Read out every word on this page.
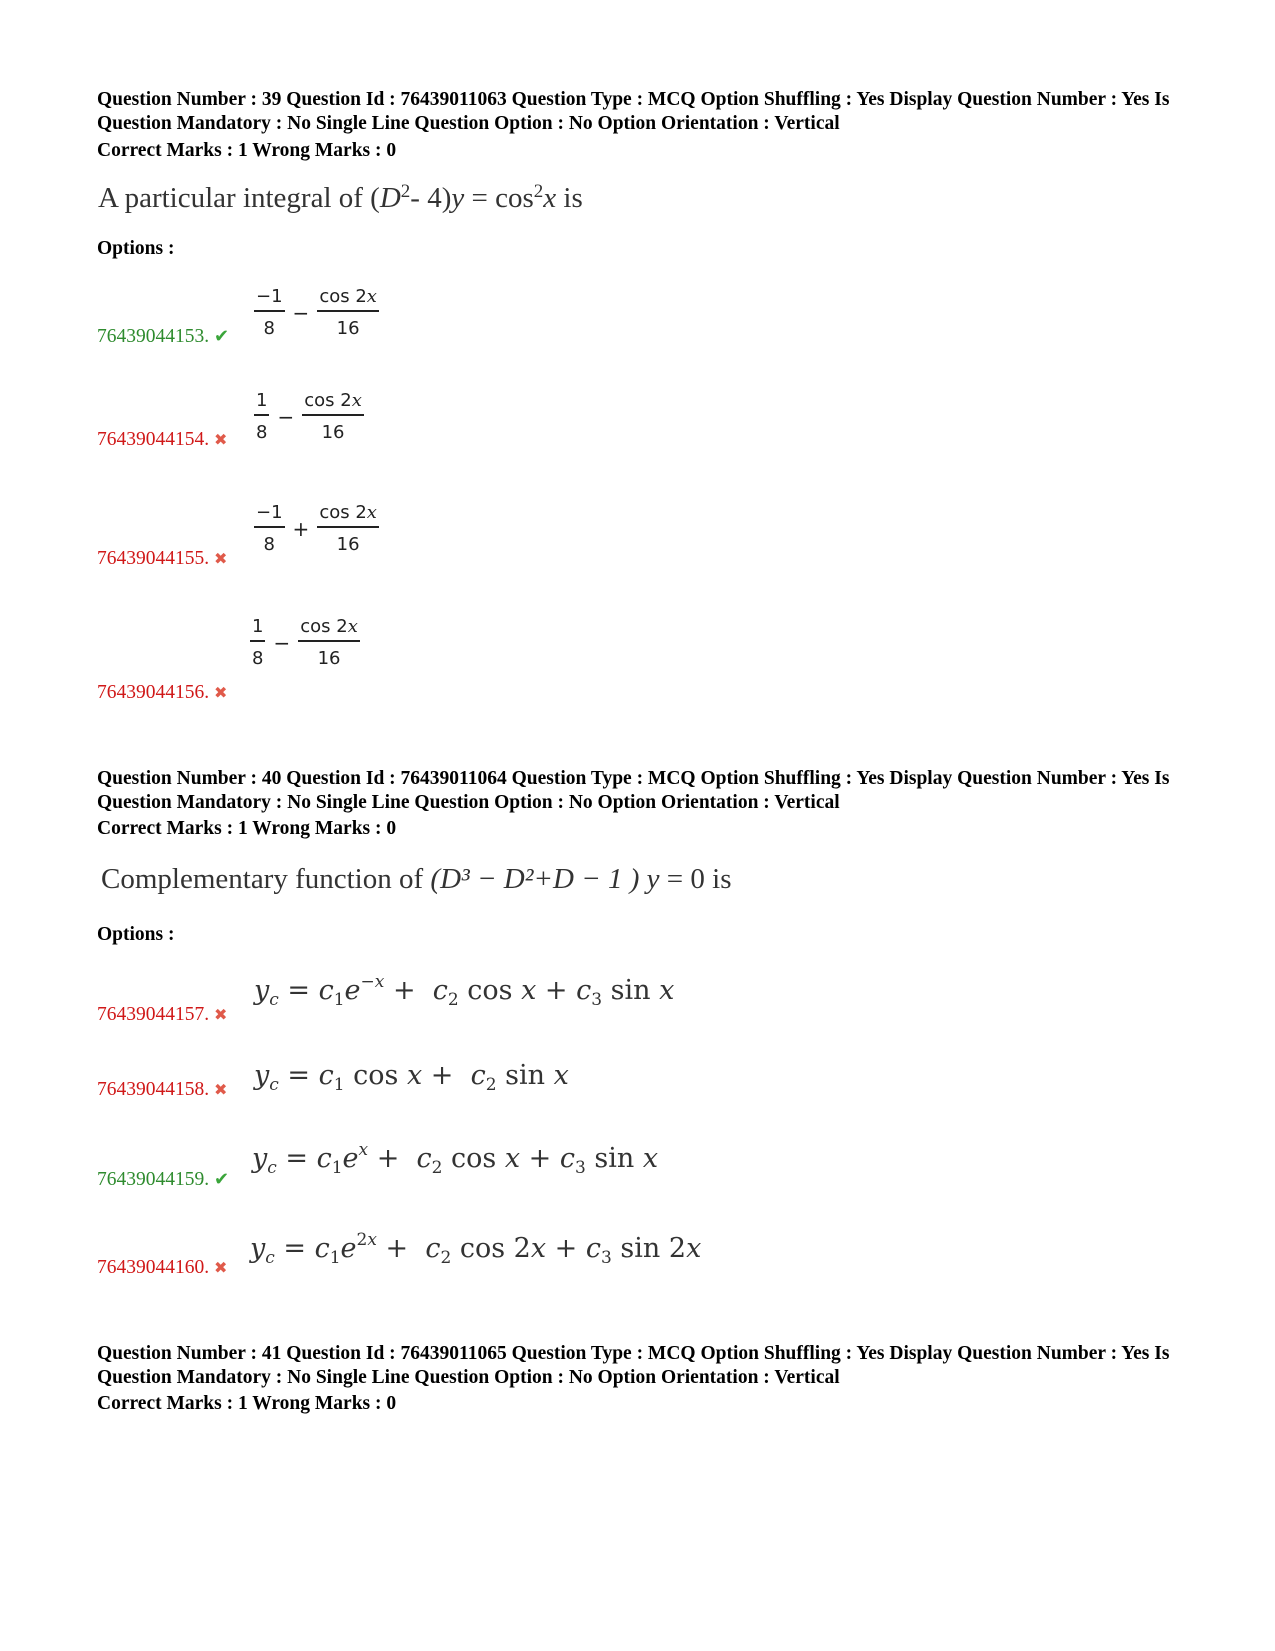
Question Number : 39 Question Id : 76439011063 Question Type : MCQ Option Shuffling : Yes Display Question Number : Yes Is Question Mandatory : No Single Line Question Option : No Option Orientation : Vertical

Correct Marks : 1 Wrong Marks : 0

A particular integral of ($D^2-$ $4)y = \cos^2x$ is
Options :
$\frac{-1}{8} - \frac{\cos 2x}{16}$
76439044153. ✔
$\frac{1}{8} - \frac{\cos 2x}{16}$
76439044154. ✖
$\frac{-1}{8} + \frac{\cos 2x}{16}$
76439044155. ✖
$\frac{1}{8} - \frac{\cos 2x}{16}$
76439044156. ✖

Question Number : 40 Question Id : 76439011064 Question Type : MCQ Option Shuffling : Yes Display Question Number : Yes Is Question Mandatory : No Single Line Question Option : No Option Orientation : Vertical

Correct Marks : 1 Wrong Marks : 0

Complementary function of (D³ − D²+D − 1 ) y = 0 is
Options :
$y_c = c_1e^{-x} + c_2$ $\cos x + c_3$ sin x
76439044157. ✖
$y_c = c_1$ $\cos x + c_2$ sin x
76439044158. ✖
$y_c = c_1e^x + c_2$ $\cos x + c_3$ sin x
76439044159. ✔
$y_c = c_1e^{2x} + c_2$ $\cos 2x + c_3$ sin 2x
76439044160. ✖

Question Number : 41 Question Id : 76439011065 Question Type : MCQ Option Shuffling : Yes Display Question Number : Yes Is Question Mandatory : No Single Line Question Option : No Option Orientation : Vertical

Correct Marks : 1 Wrong Marks : 0
